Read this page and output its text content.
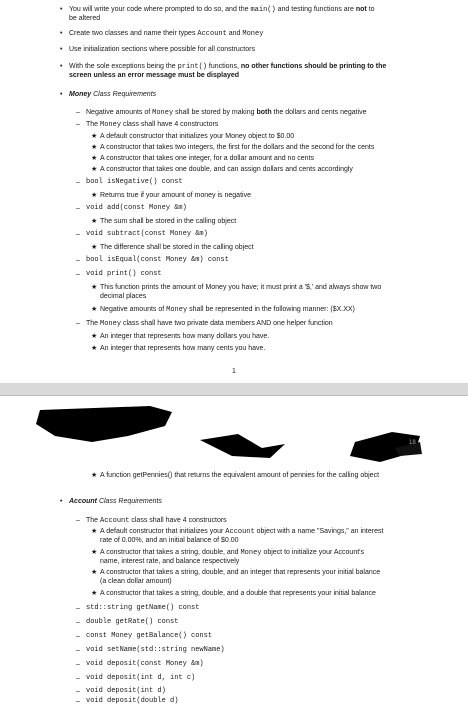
• You will write your code where prompted to do so, and the main() and testing functions are not to
be altered
• Create two classes and name their types Account and Money
• Use initialization sections where possible for all constructors
• With the sole exceptions being the print() functions, no other functions should be printing to the
screen unless an error message must be displayed
• Money Class Requirements
– Negative amounts of Money shall be stored by making both the dollars and cents negative
– The Money class shall have 4 constructors
★ A default constructor that initializes your Money object to $0.00
★ A constructor that takes two integers, the first for the dollars and the second for the cents
★ A constructor that takes one integer, for a dollar amount and no cents
★ A constructor that takes one double, and can assign dollars and cents accordingly
– bool isNegative() const
★ Returns true if your amount of money is negative
– void add(const Money &m)
★ The sum shall be stored in the calling object
– void subtract(const Money &m)
★ The difference shall be stored in the calling object
– bool isEqual(const Money &m) const
– void print() const
★ This function prints the amount of Money you have; it must print a '$,' and always show two
decimal places
★ Negative amounts of Money shall be represented in the following manner: ($X.XX)
– The Money class shall have two private data members AND one helper function
★ An integer that represents how many dollars you have.
★ An integer that represents how many cents you have.
1
18
★ A function getPennies() that returns the equivalent amount of pennies for the calling object
• Account Class Requirements
– The Account class shall have 4 constructors
★ A default constructor that initializes your Account object with a name "Savings," an interest
rate of 0.00%, and an initial balance of $0.00
★ A constructor that takes a string, double, and Money object to initialize your Account's
name, interest rate, and balance respectively
★ A constructor that takes a string, double, and an integer that represents your initial balance
(a clean dollar amount)
★ A constructor that takes a string, double, and a double that represents your initial balance
– std::string getName() const
– double getRate() const
– const Money getBalance() const
– void setName(std::string newName)
– void deposit(const Money &m)
– void deposit(int d, int c)
– void deposit(int d)
– void deposit(double d)
